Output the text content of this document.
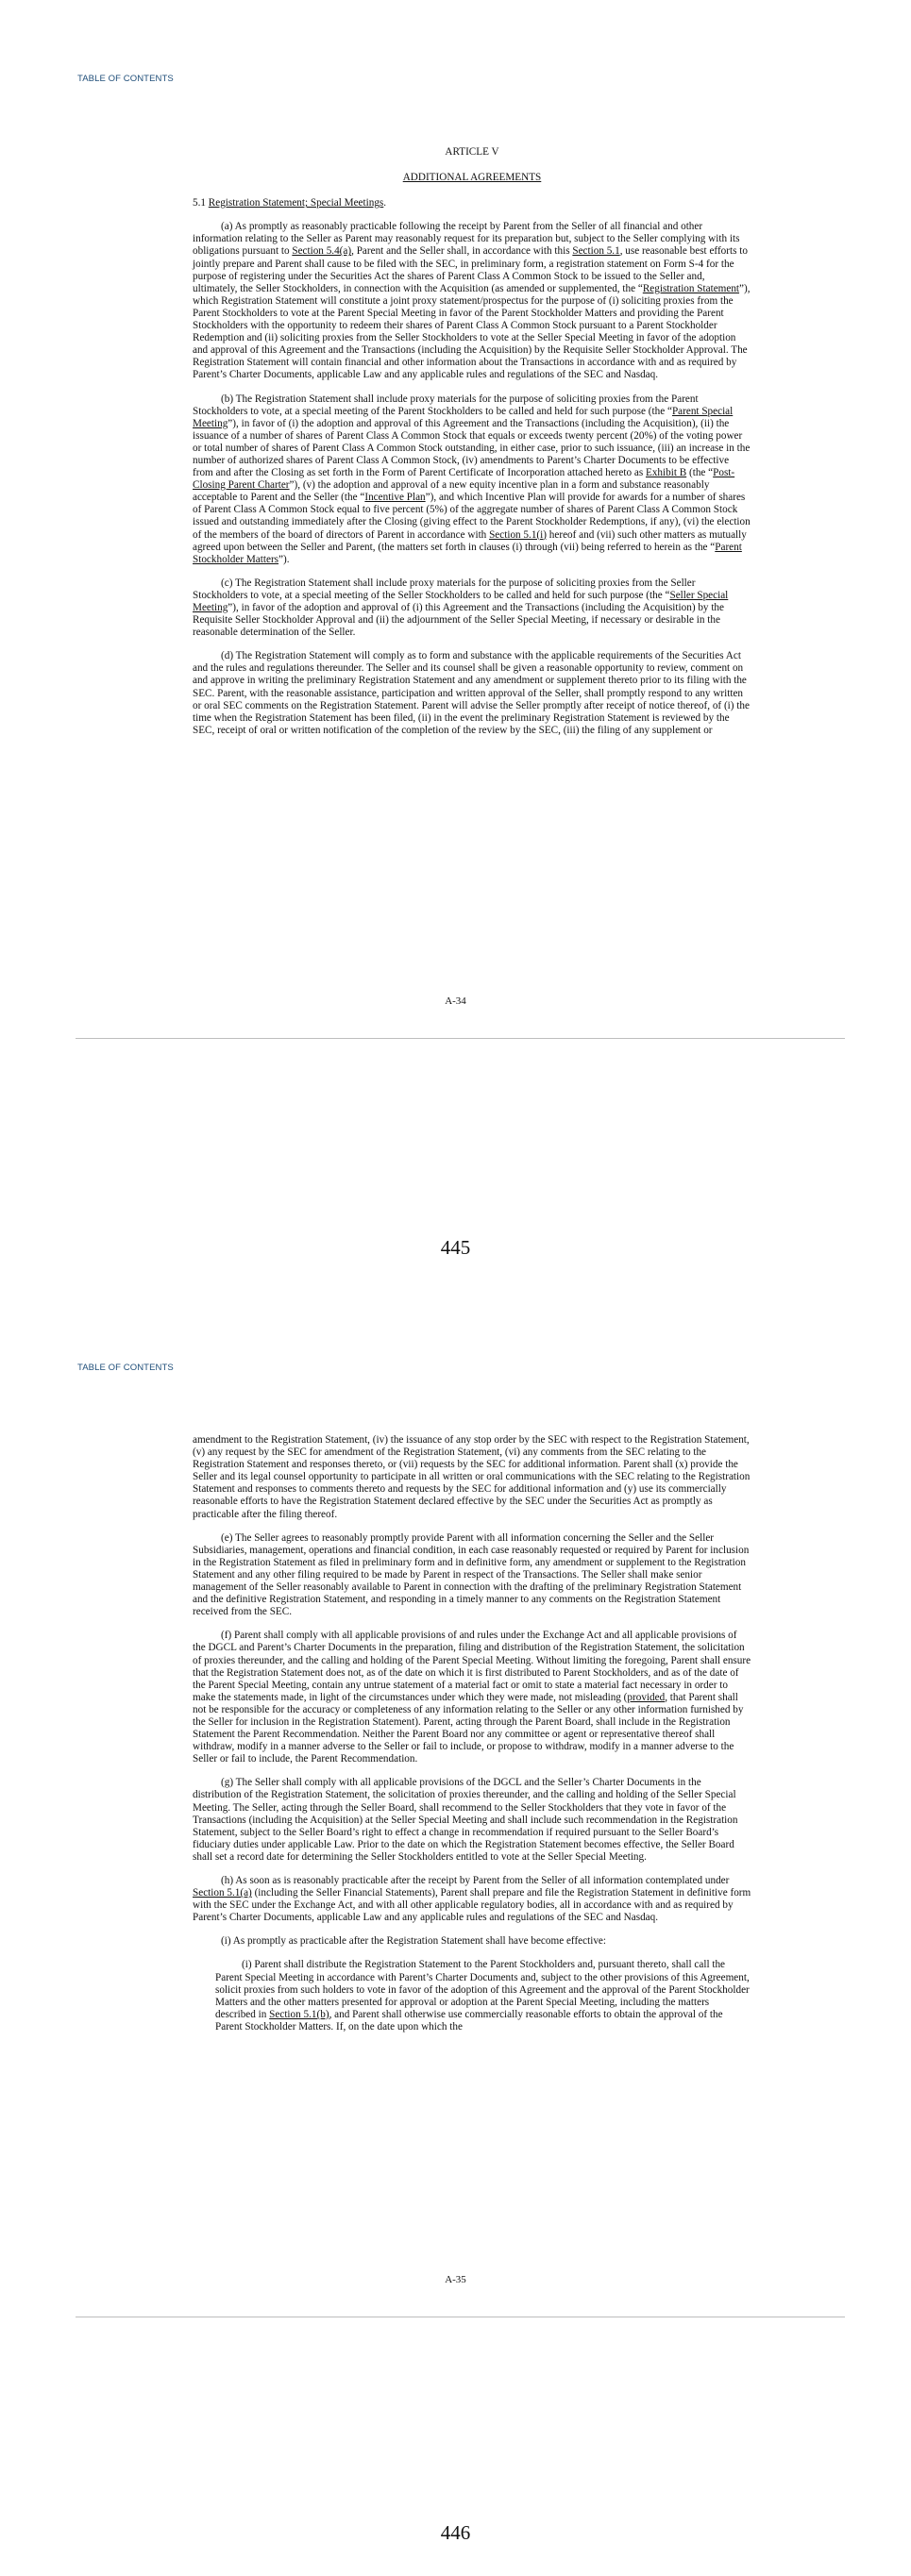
TABLE OF CONTENTS
ARTICLE V
ADDITIONAL AGREEMENTS

5.1 Registration Statement; Special Meetings.

(a) As promptly as reasonably practicable following the receipt by Parent from the Seller of all financial and other information relating to the Seller as Parent may reasonably request for its preparation but, subject to the Seller complying with its obligations pursuant to Section 5.4(a), Parent and the Seller shall, in accordance with this Section 5.1, use reasonable best efforts to jointly prepare and Parent shall cause to be filed with the SEC, in preliminary form, a registration statement on Form S-4 for the purpose of registering under the Securities Act the shares of Parent Class A Common Stock to be issued to the Seller and, ultimately, the Seller Stockholders, in connection with the Acquisition (as amended or supplemented, the “Registration Statement”), which Registration Statement will constitute a joint proxy statement/prospectus for the purpose of (i) soliciting proxies from the Parent Stockholders to vote at the Parent Special Meeting in favor of the Parent Stockholder Matters and providing the Parent Stockholders with the opportunity to redeem their shares of Parent Class A Common Stock pursuant to a Parent Stockholder Redemption and (ii) soliciting proxies from the Seller Stockholders to vote at the Seller Special Meeting in favor of the adoption and approval of this Agreement and the Transactions (including the Acquisition) by the Requisite Seller Stockholder Approval. The Registration Statement will contain financial and other information about the Transactions in accordance with and as required by Parent’s Charter Documents, applicable Law and any applicable rules and regulations of the SEC and Nasdaq.

(b) The Registration Statement shall include proxy materials for the purpose of soliciting proxies from the Parent Stockholders to vote, at a special meeting of the Parent Stockholders to be called and held for such purpose (the “Parent Special Meeting”), in favor of (i) the adoption and approval of this Agreement and the Transactions (including the Acquisition), (ii) the issuance of a number of shares of Parent Class A Common Stock that equals or exceeds twenty percent (20%) of the voting power or total number of shares of Parent Class A Common Stock outstanding, in either case, prior to such issuance, (iii) an increase in the number of authorized shares of Parent Class A Common Stock, (iv) amendments to Parent’s Charter Documents to be effective from and after the Closing as set forth in the Form of Parent Certificate of Incorporation attached hereto as Exhibit B (the “Post-Closing Parent Charter”), (v) the adoption and approval of a new equity incentive plan in a form and substance reasonably acceptable to Parent and the Seller (the “Incentive Plan”), and which Incentive Plan will provide for awards for a number of shares of Parent Class A Common Stock equal to five percent (5%) of the aggregate number of shares of Parent Class A Common Stock issued and outstanding immediately after the Closing (giving effect to the Parent Stockholder Redemptions, if any), (vi) the election of the members of the board of directors of Parent in accordance with Section 5.1(i) hereof and (vii) such other matters as mutually agreed upon between the Seller and Parent, (the matters set forth in clauses (i) through (vii) being referred to herein as the “Parent Stockholder Matters”).

(c) The Registration Statement shall include proxy materials for the purpose of soliciting proxies from the Seller Stockholders to vote, at a special meeting of the Seller Stockholders to be called and held for such purpose (the “Seller Special Meeting”), in favor of the adoption and approval of (i) this Agreement and the Transactions (including the Acquisition) by the Requisite Seller Stockholder Approval and (ii) the adjournment of the Seller Special Meeting, if necessary or desirable in the reasonable determination of the Seller.

(d) The Registration Statement will comply as to form and substance with the applicable requirements of the Securities Act and the rules and regulations thereunder. The Seller and its counsel shall be given a reasonable opportunity to review, comment on and approve in writing the preliminary Registration Statement and any amendment or supplement thereto prior to its filing with the SEC. Parent, with the reasonable assistance, participation and written approval of the Seller, shall promptly respond to any written or oral SEC comments on the Registration Statement. Parent will advise the Seller promptly after receipt of notice thereof, of (i) the time when the Registration Statement has been filed, (ii) in the event the preliminary Registration Statement is reviewed by the SEC, receipt of oral or written notification of the completion of the review by the SEC, (iii) the filing of any supplement or

A-34
445
TABLE OF CONTENTS

amendment to the Registration Statement, (iv) the issuance of any stop order by the SEC with respect to the Registration Statement, (v) any request by the SEC for amendment of the Registration Statement, (vi) any comments from the SEC relating to the Registration Statement and responses thereto, or (vii) requests by the SEC for additional information. Parent shall (x) provide the Seller and its legal counsel opportunity to participate in all written or oral communications with the SEC relating to the Registration Statement and responses to comments thereto and requests by the SEC for additional information and (y) use its commercially reasonable efforts to have the Registration Statement declared effective by the SEC under the Securities Act as promptly as practicable after the filing thereof.

(e) The Seller agrees to reasonably promptly provide Parent with all information concerning the Seller and the Seller Subsidiaries, management, operations and financial condition, in each case reasonably requested or required by Parent for inclusion in the Registration Statement as filed in preliminary form and in definitive form, any amendment or supplement to the Registration Statement and any other filing required to be made by Parent in respect of the Transactions. The Seller shall make senior management of the Seller reasonably available to Parent in connection with the drafting of the preliminary Registration Statement and the definitive Registration Statement, and responding in a timely manner to any comments on the Registration Statement received from the SEC.

(f) Parent shall comply with all applicable provisions of and rules under the Exchange Act and all applicable provisions of the DGCL and Parent’s Charter Documents in the preparation, filing and distribution of the Registration Statement, the solicitation of proxies thereunder, and the calling and holding of the Parent Special Meeting. Without limiting the foregoing, Parent shall ensure that the Registration Statement does not, as of the date on which it is first distributed to Parent Stockholders, and as of the date of the Parent Special Meeting, contain any untrue statement of a material fact or omit to state a material fact necessary in order to make the statements made, in light of the circumstances under which they were made, not misleading (provided, that Parent shall not be responsible for the accuracy or completeness of any information relating to the Seller or any other information furnished by the Seller for inclusion in the Registration Statement). Parent, acting through the Parent Board, shall include in the Registration Statement the Parent Recommendation. Neither the Parent Board nor any committee or agent or representative thereof shall withdraw, modify in a manner adverse to the Seller or fail to include, or propose to withdraw, modify in a manner adverse to the Seller or fail to include, the Parent Recommendation.

(g) The Seller shall comply with all applicable provisions of the DGCL and the Seller’s Charter Documents in the distribution of the Registration Statement, the solicitation of proxies thereunder, and the calling and holding of the Seller Special Meeting. The Seller, acting through the Seller Board, shall recommend to the Seller Stockholders that they vote in favor of the Transactions (including the Acquisition) at the Seller Special Meeting and shall include such recommendation in the Registration Statement, subject to the Seller Board’s right to effect a change in recommendation if required pursuant to the Seller Board’s fiduciary duties under applicable Law. Prior to the date on which the Registration Statement becomes effective, the Seller Board shall set a record date for determining the Seller Stockholders entitled to vote at the Seller Special Meeting.

(h) As soon as is reasonably practicable after the receipt by Parent from the Seller of all information contemplated under Section 5.1(a) (including the Seller Financial Statements), Parent shall prepare and file the Registration Statement in definitive form with the SEC under the Exchange Act, and with all other applicable regulatory bodies, all in accordance with and as required by Parent’s Charter Documents, applicable Law and any applicable rules and regulations of the SEC and Nasdaq.

(i) As promptly as practicable after the Registration Statement shall have become effective:

(i) Parent shall distribute the Registration Statement to the Parent Stockholders and, pursuant thereto, shall call the Parent Special Meeting in accordance with Parent’s Charter Documents and, subject to the other provisions of this Agreement, solicit proxies from such holders to vote in favor of the adoption of this Agreement and the approval of the Parent Stockholder Matters and the other matters presented for approval or adoption at the Parent Special Meeting, including the matters described in Section 5.1(b), and Parent shall otherwise use commercially reasonable efforts to obtain the approval of the Parent Stockholder Matters. If, on the date upon which the

A-35
446
